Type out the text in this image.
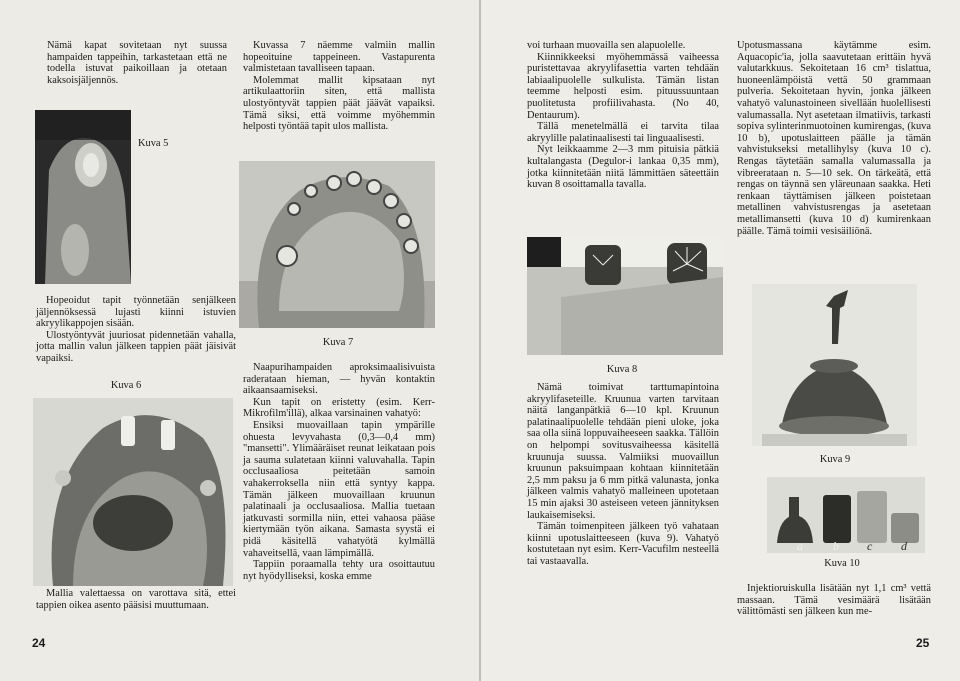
Nämä kapat sovitetaan nyt suussa hampaiden tappeihin, tarkastetaan että ne todella istuvat paikoillaan ja otetaan kaksoisjäljennös.

Kuva 5

Hopeoidut tapit työnnetään senjälkeen jäljennöksessä lujasti kiinni istuvien akryylikappojen sisään.

Ulostyöntyvät juuriosat pidennetään vahalla, jotta mallin valun jälkeen tappien päät jäisivät vapaiksi.

Kuva 6

Mallia valettaessa on varottava sitä, ettei tappien oikea asento pääsisi muuttumaan.

24

Kuvassa 7 näemme valmiin mallin hopeoituine tappeineen. Vastapurenta valmistetaan tavalliseen tapaan.

Molemmat mallit kipsataan nyt artikulaattoriin siten, että mallista ulostyöntyvät tappien päät jäävät vapaiksi. Tämä siksi, että voimme myöhemmin helposti työntää tapit ulos mallista.

Kuva 7

Naapurihampaiden aproksimaalisivuista raderataan hieman, — hyvän kontaktin aikaansaamiseksi.

Kun tapit on eristetty (esim. Kerr-Mikrofilm'illä), alkaa varsinainen vahatyö:

Ensiksi muovaillaan tapin ympärille ohuesta levyvahasta (0,3—0,4 mm) "mansetti". Ylimääräiset reunat leikataan pois ja sauma sulatetaan kiinni valuvahalla. Tapin occlusaaliosa peitetään samoin vahakerroksella niin että syntyy kappa. Tämän jälkeen muovaillaan kruunun palatinaali ja occlusaaliosa. Mallia tuetaan jatkuvasti sormilla niin, ettei vahaosa pääse kiertymään työn aikana. Samasta syystä ei pidä käsitellä vahatyötä kylmällä vahaveitsellä, vaan lämpimällä.

Tappiin poraamalla tehty ura osoittautuu nyt hyödylliseksi, koska emme

voi turhaan muovailla sen alapuolelle.

Kiinnikkeeksi myöhemmässä vaiheessa puristettavaa akryylifasettia varten tehdään labiaalipuolelle sulkulista. Tämän listan teemme helposti esim. pituussuuntaan puolitetusta profiilivahasta. (No 40, Dentaurum).

Tällä menetelmällä ei tarvita tilaa akryylille palatinaalisesti tai linguaalisesti.

Nyt leikkaamme 2—3 mm pituisia pätkiä kultalangasta (Degulor-i lankaa 0,35 mm), jotka kiinnitetään niitä lämmittäen säteettäin kuvan 8 osoittamalla tavalla.

Kuva 8

Nämä toimivat tarttumapintoina akryylifaseteille. Kruunua varten tarvitaan näitä langanpätkiä 6—10 kpl. Kruunun palatinaalipuolelle tehdään pieni uloke, joka saa olla siinä loppuvaiheeseen saakka. Tällöin on helpompi sovitusvaiheessa käsitellä kruunuja suussa. Valmiiksi muovaillun kruunun paksuimpaan kohtaan kiinnitetään 2,5 mm paksu ja 6 mm pitkä valunasta, jonka jälkeen valmis vahatyö malleineen upotetaan 15 min ajaksi 30 asteiseen veteen jännityksen laukaisemiseksi.

Tämän toimenpiteen jälkeen työ vahataan kiinni upotuslaitteeseen (kuva 9). Vahatyö kostutetaan nyt esim. Kerr-Vacufilm nesteellä tai vastaavalla.

Upotusmassana käytämme esim. Aquacopic'ia, jolla saavutetaan erittäin hyvä valutarkkuus. Sekoitetaan 16 cm³ tislattua, huoneenlämpöistä vettä 50 grammaan pulveria. Sekoitetaan hyvin, jonka jälkeen vahatyö valunastoineen sivellään huolellisesti valumassalla. Nyt asetetaan ilmatiivis, tarkasti sopiva sylinterinmuotoinen kumirengas, (kuva 10 b), upotuslaitteen päälle ja tämän vahvistukseksi metallihylsy (kuva 10 c). Rengas täytetään samalla valumassalla ja vibreerataan n. 5—10 sek. On tärkeätä, että rengas on täynnä sen yläreunaan saakka. Heti renkaan täyttämisen jälkeen poistetaan metallinen vahvistusrengas ja asetetaan metallimansetti (kuva 10 d) kumirenkaan päälle. Tämä toimii vesisäiliönä.

Kuva 9
a	b c d
Kuva 10

Injektioruiskulla lisätään nyt 1,1 cm³ vettä massaan. Tämä vesimäärä lisätään välittömästi sen jälkeen kun me-

25
